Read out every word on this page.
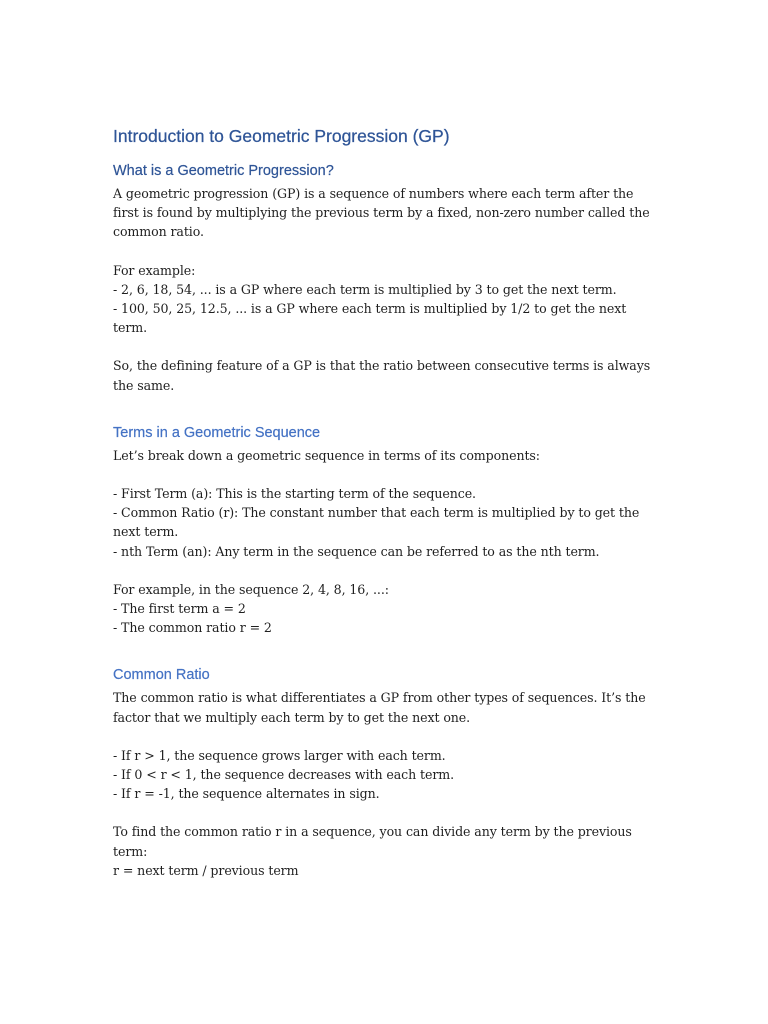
Introduction to Geometric Progression (GP)
What is a Geometric Progression?

A geometric progression (GP) is a sequence of numbers where each term after the first is found by multiplying the previous term by a fixed, non-zero number called the common ratio.

For example:
- 2, 6, 18, 54, ... is a GP where each term is multiplied by 3 to get the next term.
- 100, 50, 25, 12.5, ... is a GP where each term is multiplied by 1/2 to get the next term.

So, the defining feature of a GP is that the ratio between consecutive terms is always the same.

Terms in a Geometric Sequence

Let’s break down a geometric sequence in terms of its components:

- First Term (a): This is the starting term of the sequence.
- Common Ratio (r): The constant number that each term is multiplied by to get the next term.
- nth Term (an): Any term in the sequence can be referred to as the nth term.

For example, in the sequence 2, 4, 8, 16, ...:
- The first term a = 2
- The common ratio r = 2

Common Ratio

The common ratio is what differentiates a GP from other types of sequences. It’s the factor that we multiply each term by to get the next one.

- If r > 1, the sequence grows larger with each term.
- If 0 < r < 1, the sequence decreases with each term.
- If r = -1, the sequence alternates in sign.

To find the common ratio r in a sequence, you can divide any term by the previous term:
r = next term / previous term
